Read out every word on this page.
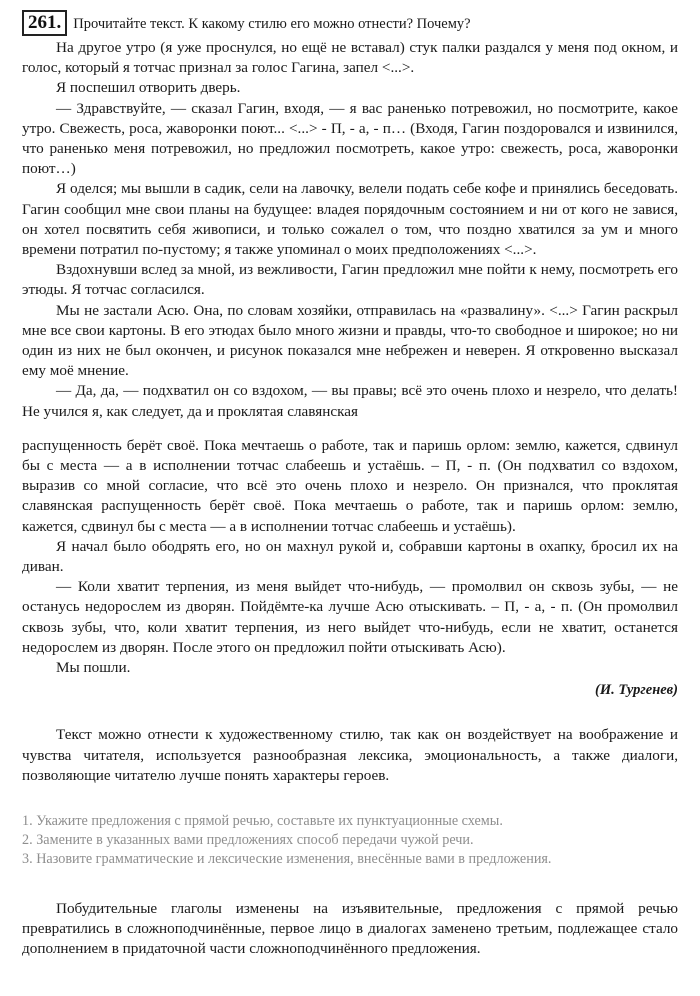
261. Прочитайте текст. К какому стилю его можно отнести? Почему?

На другое утро (я уже проснулся, но ещё не вставал) стук палки раздался у меня под окном, и голос, который я тотчас признал за голос Гагина, запел <...>.

Я поспешил отворить дверь.

— Здравствуйте, — сказал Гагин, входя, — я вас раненько потревожил, но посмотрите, какое утро. Свежесть, роса, жаворонки поют... <...> - П, - а, - п… (Входя, Гагин поздоровался и извинился, что раненько меня потревожил, но предложил посмотреть, какое утро: свежесть, роса, жаворонки поют…)

Я оделся; мы вышли в садик, сели на лавочку, велели подать себе кофе и принялись беседовать. Гагин сообщил мне свои планы на будущее: владея порядочным состоянием и ни от кого не завися, он хотел посвятить себя живописи, и только сожалел о том, что поздно хватился за ум и много времени потратил по-пустому; я также упоминал о моих предположениях <...>.

Вздохнувши вслед за мной, из вежливости, Гагин предложил мне пойти к нему, посмотреть его этюды. Я тотчас согласился.

Мы не застали Асю. Она, по словам хозяйки, отправилась на «развалину». <...> Гагин раскрыл мне все свои картоны. В его этюдах было много жизни и правды, что-то свободное и широкое; но ни один из них не был окончен, и рисунок показался мне небрежен и неверен. Я откровенно высказал ему моё мнение.

— Да, да, — подхватил он со вздохом, — вы правы; всё это очень плохо и незрело, что делать! Не учился я, как следует, да и проклятая славянская

распущенность берёт своё. Пока мечтаешь о работе, так и паришь орлом: землю, кажется, сдвинул бы с места — а в исполнении тотчас слабеешь и устаёшь. – П, - п. (Он подхватил со вздохом, выразив со мной согласие, что всё это очень плохо и незрело. Он признался, что проклятая славянская распущенность берёт своё. Пока мечтаешь о работе, так и паришь орлом: землю, кажется, сдвинул бы с места — а в исполнении тотчас слабеешь и устаёшь).

Я начал было ободрять его, но он махнул рукой и, собравши картоны в охапку, бросил их на диван.

— Коли хватит терпения, из меня выйдет что-нибудь, — промолвил он сквозь зубы, — не останусь недорослем из дворян. Пойдёмте-ка лучше Асю отыскивать. – П, - а, - п. (Он промолвил сквозь зубы, что, коли хватит терпения, из него выйдет что-нибудь, если не хватит, останется недорослем из дворян. После этого он предложил пойти отыскивать Асю).

Мы пошли.

(И. Тургенев)

Текст можно отнести к художественному стилю, так как он воздействует на воображение и чувства читателя, используется разнообразная лексика, эмоциональность, а также диалоги, позволяющие читателю лучше понять характеры героев.

1. Укажите предложения с прямой речью, составьте их пунктуационные схемы.
2. Замените в указанных вами предложениях способ передачи чужой речи.
3. Назовите грамматические и лексические изменения, внесённые вами в предложения.

Побудительные глаголы изменены на изъявительные, предложения с прямой речью превратились в сложноподчинённые, первое лицо в диалогах заменено третьим, подлежащее стало дополнением в придаточной части сложноподчинённого предложения.
